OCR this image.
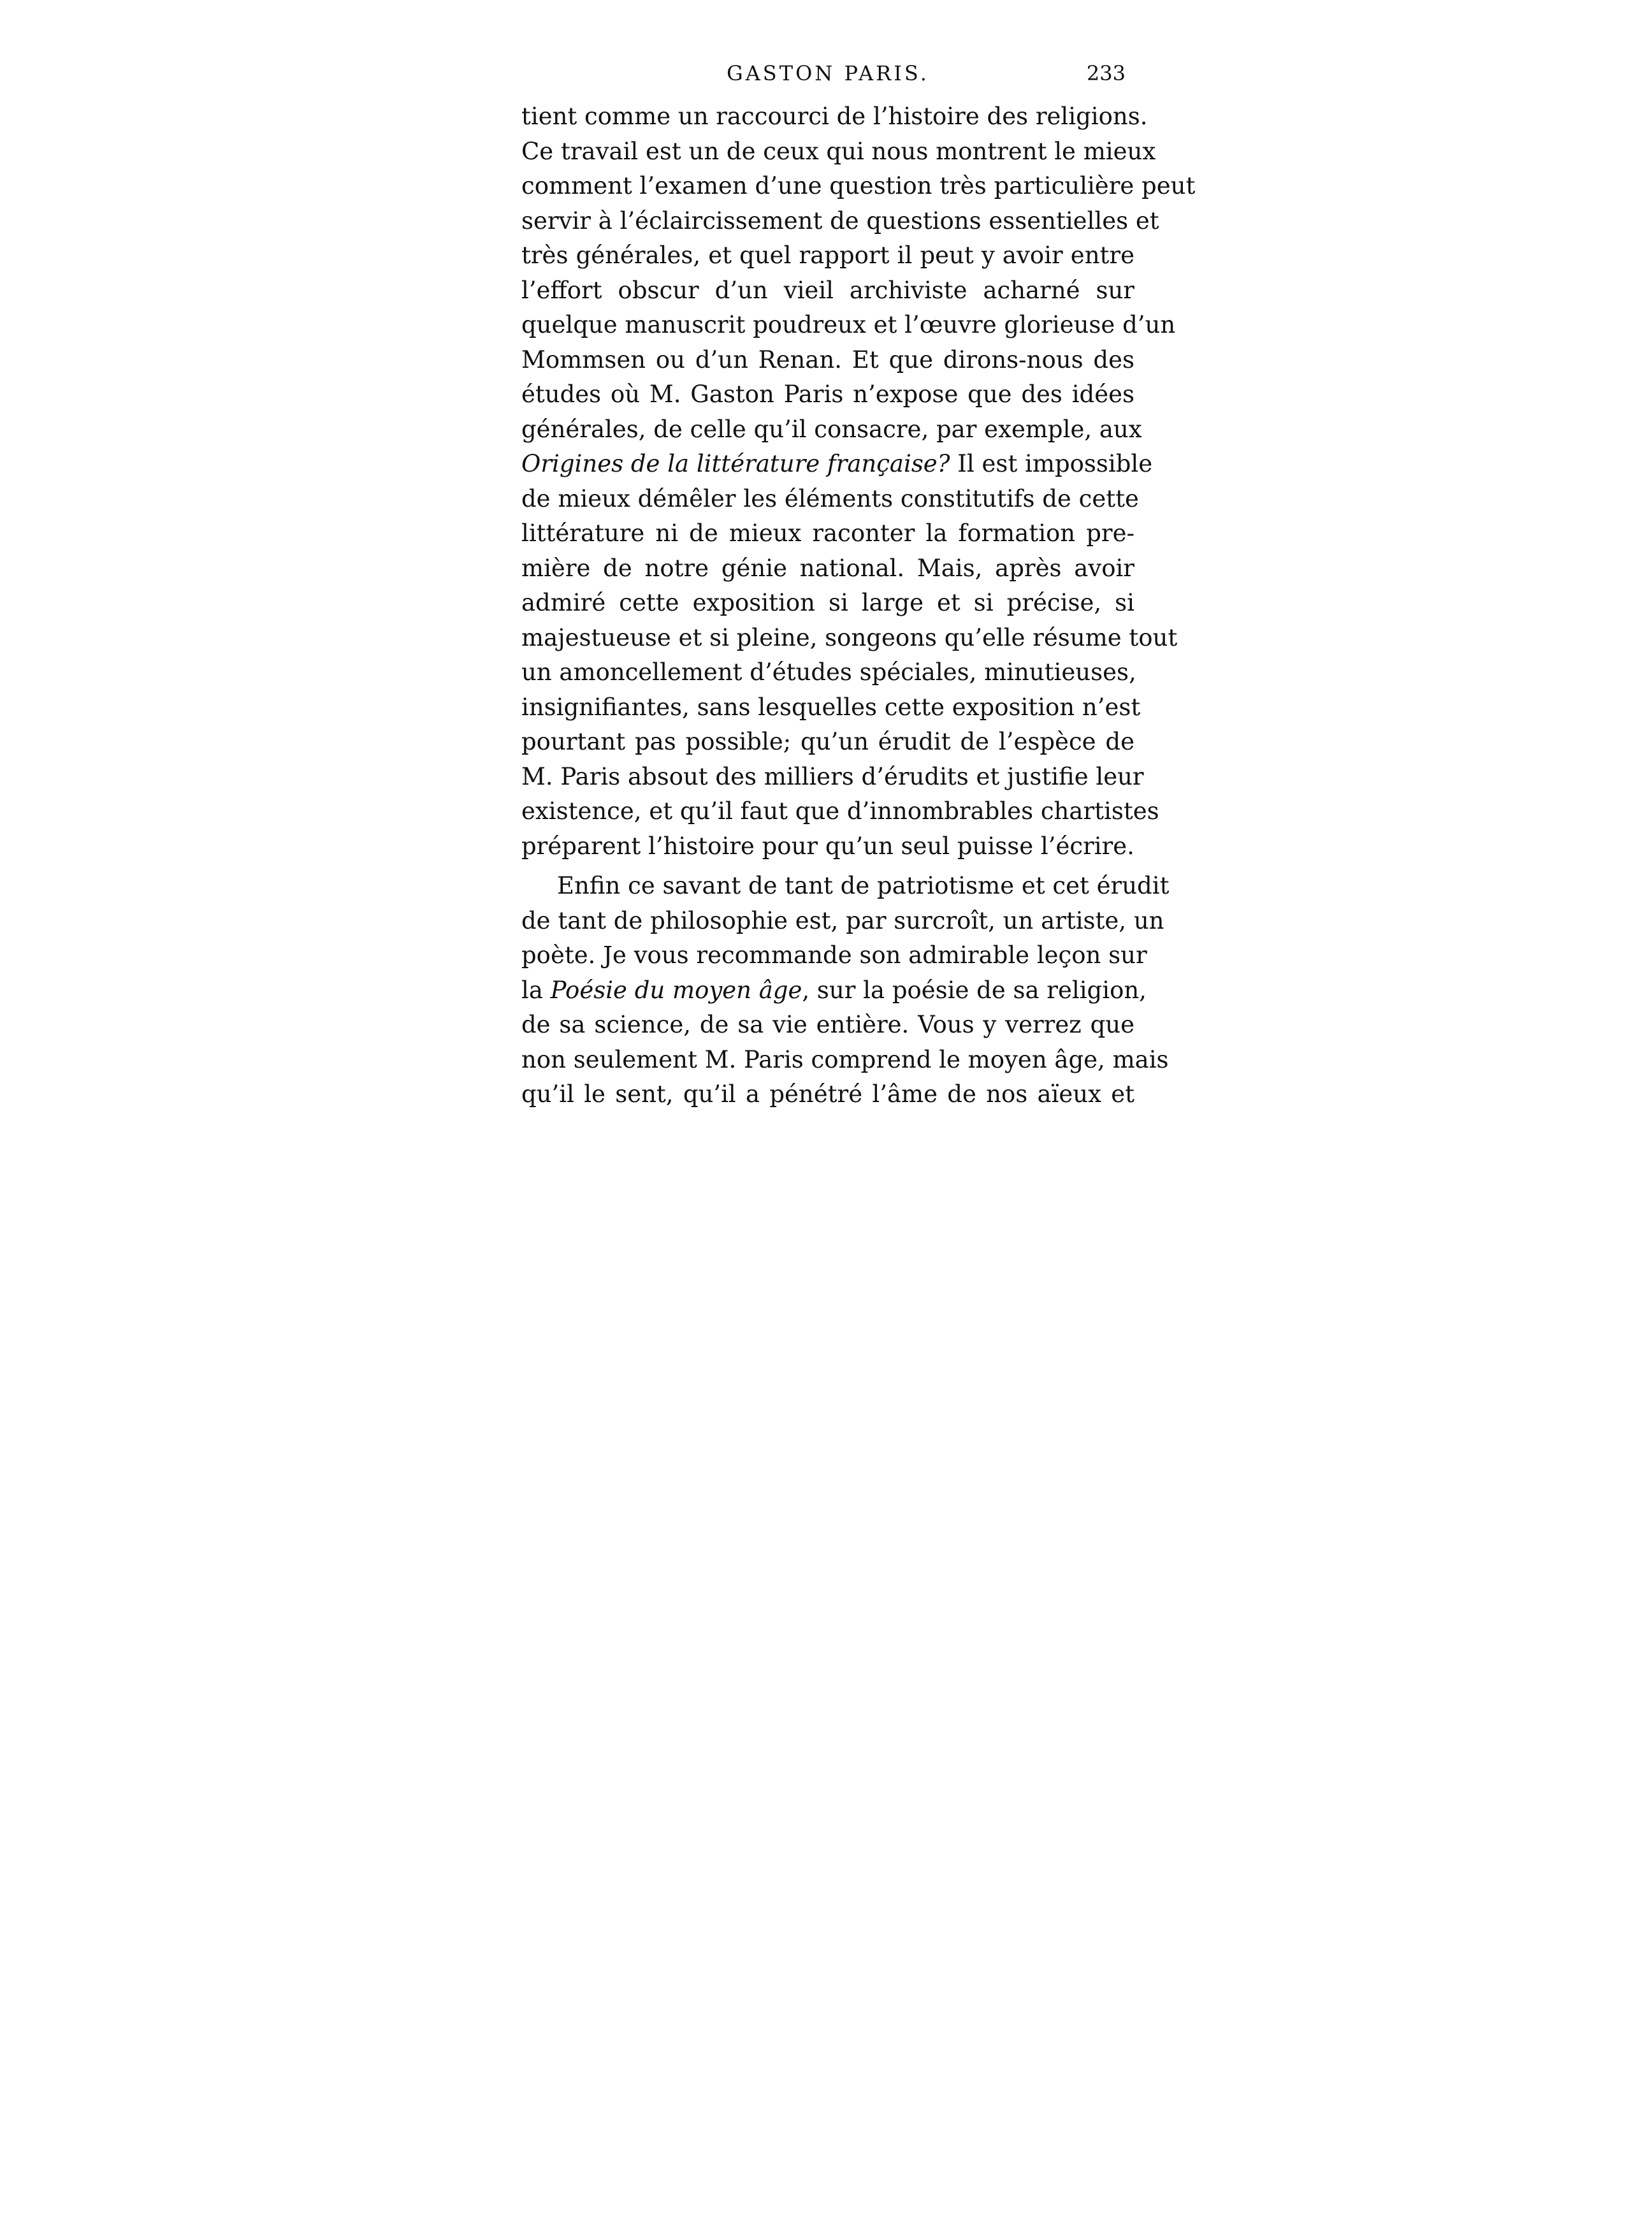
GASTON PARIS.	233
tient comme un raccourci de l’histoire des religions.
Ce travail est un de ceux qui nous montrent le mieux
comment l’examen d’une question très particulière peut
servir à l’éclaircissement de questions essentielles et
très générales, et quel rapport il peut y avoir entre
l’effort obscur d’un vieil archiviste acharné sur
quelque manuscrit poudreux et l’œuvre glorieuse d’un
Mommsen ou d’un Renan. Et que dirons-nous des
études où M. Gaston Paris n’expose que des idées
générales, de celle qu’il consacre, par exemple, aux
Origines de la littérature française? Il est impossible
de mieux démêler les éléments constitutifs de cette
littérature ni de mieux raconter la formation pre-
mière de notre génie national. Mais, après avoir
admiré cette exposition si large et si précise, si
majestueuse et si pleine, songeons qu’elle résume tout
un amoncellement d’études spéciales, minutieuses,
insignifiantes, sans lesquelles cette exposition n’est
pourtant pas possible; qu’un érudit de l’espèce de
M. Paris absout des milliers d’érudits et justifie leur
existence, et qu’il faut que d’innombrables chartistes
préparent l’histoire pour qu’un seul puisse l’écrire.
Enfin ce savant de tant de patriotisme et cet érudit
de tant de philosophie est, par surcroît, un artiste, un
poète. Je vous recommande son admirable leçon sur
la Poésie du moyen âge, sur la poésie de sa religion,
de sa science, de sa vie entière. Vous y verrez que
non seulement M. Paris comprend le moyen âge, mais
qu’il le sent, qu’il a pénétré l’âme de nos aïeux et
